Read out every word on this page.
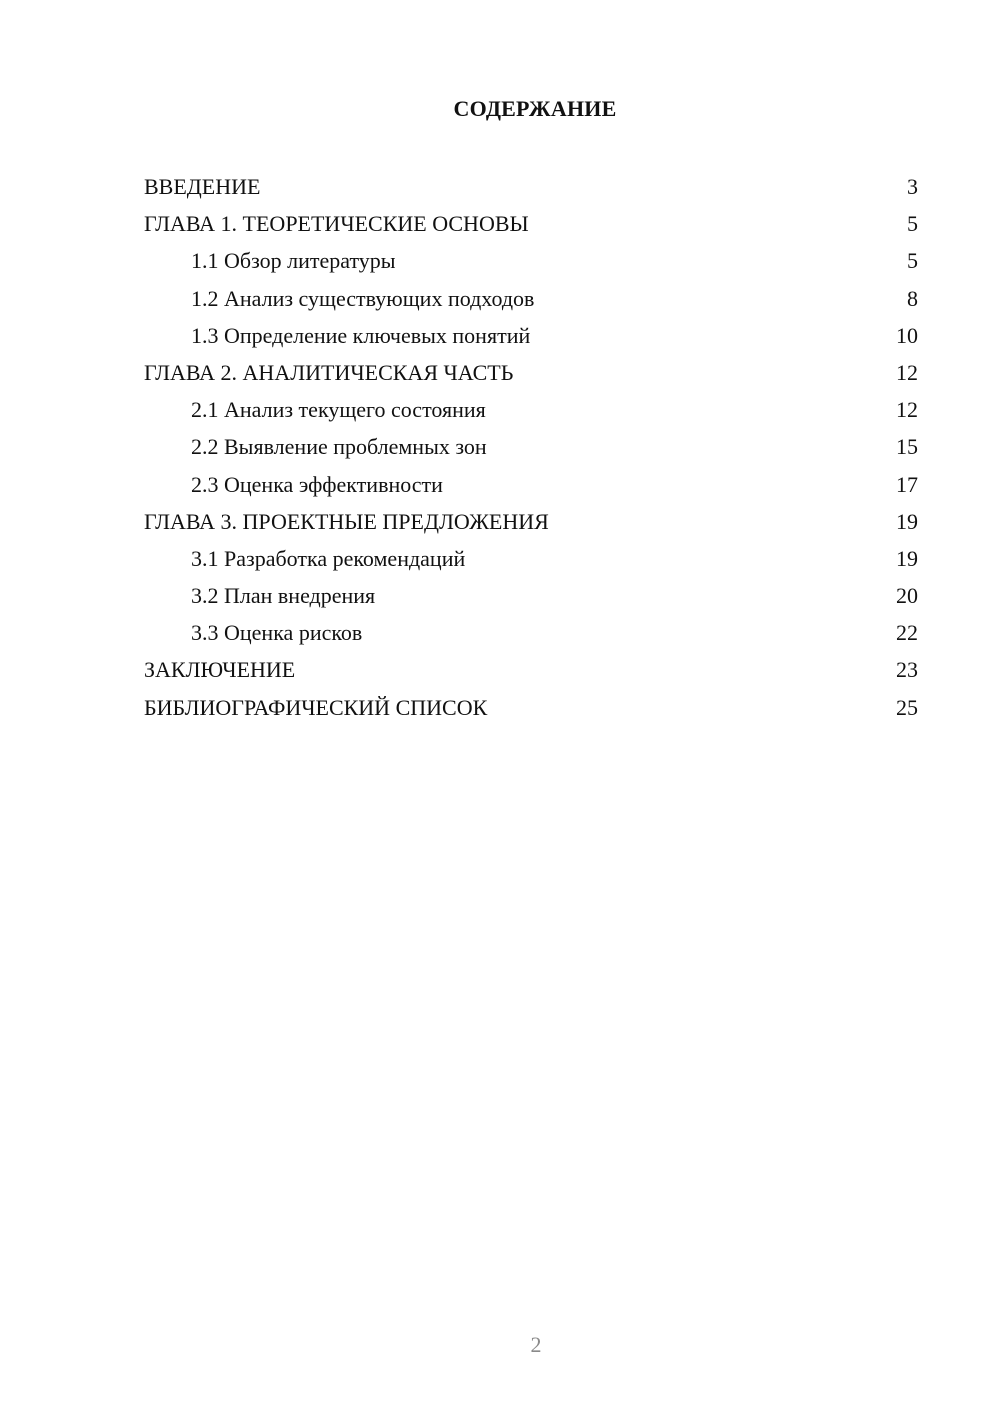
СОДЕРЖАНИЕ
ВВЕДЕНИЕ	3
ГЛАВА 1. ТЕОРЕТИЧЕСКИЕ ОСНОВЫ	5
1.1 Обзор литературы	5
1.2 Анализ существующих подходов	8
1.3 Определение ключевых понятий	10
ГЛАВА 2. АНАЛИТИЧЕСКАЯ ЧАСТЬ	12
2.1 Анализ текущего состояния	12
2.2 Выявление проблемных зон	15
2.3 Оценка эффективности	17
ГЛАВА 3. ПРОЕКТНЫЕ ПРЕДЛОЖЕНИЯ	19
3.1 Разработка рекомендаций	19
3.2 План внедрения	20
3.3 Оценка рисков	22
ЗАКЛЮЧЕНИЕ	23
БИБЛИОГРАФИЧЕСКИЙ СПИСОК	25
2
